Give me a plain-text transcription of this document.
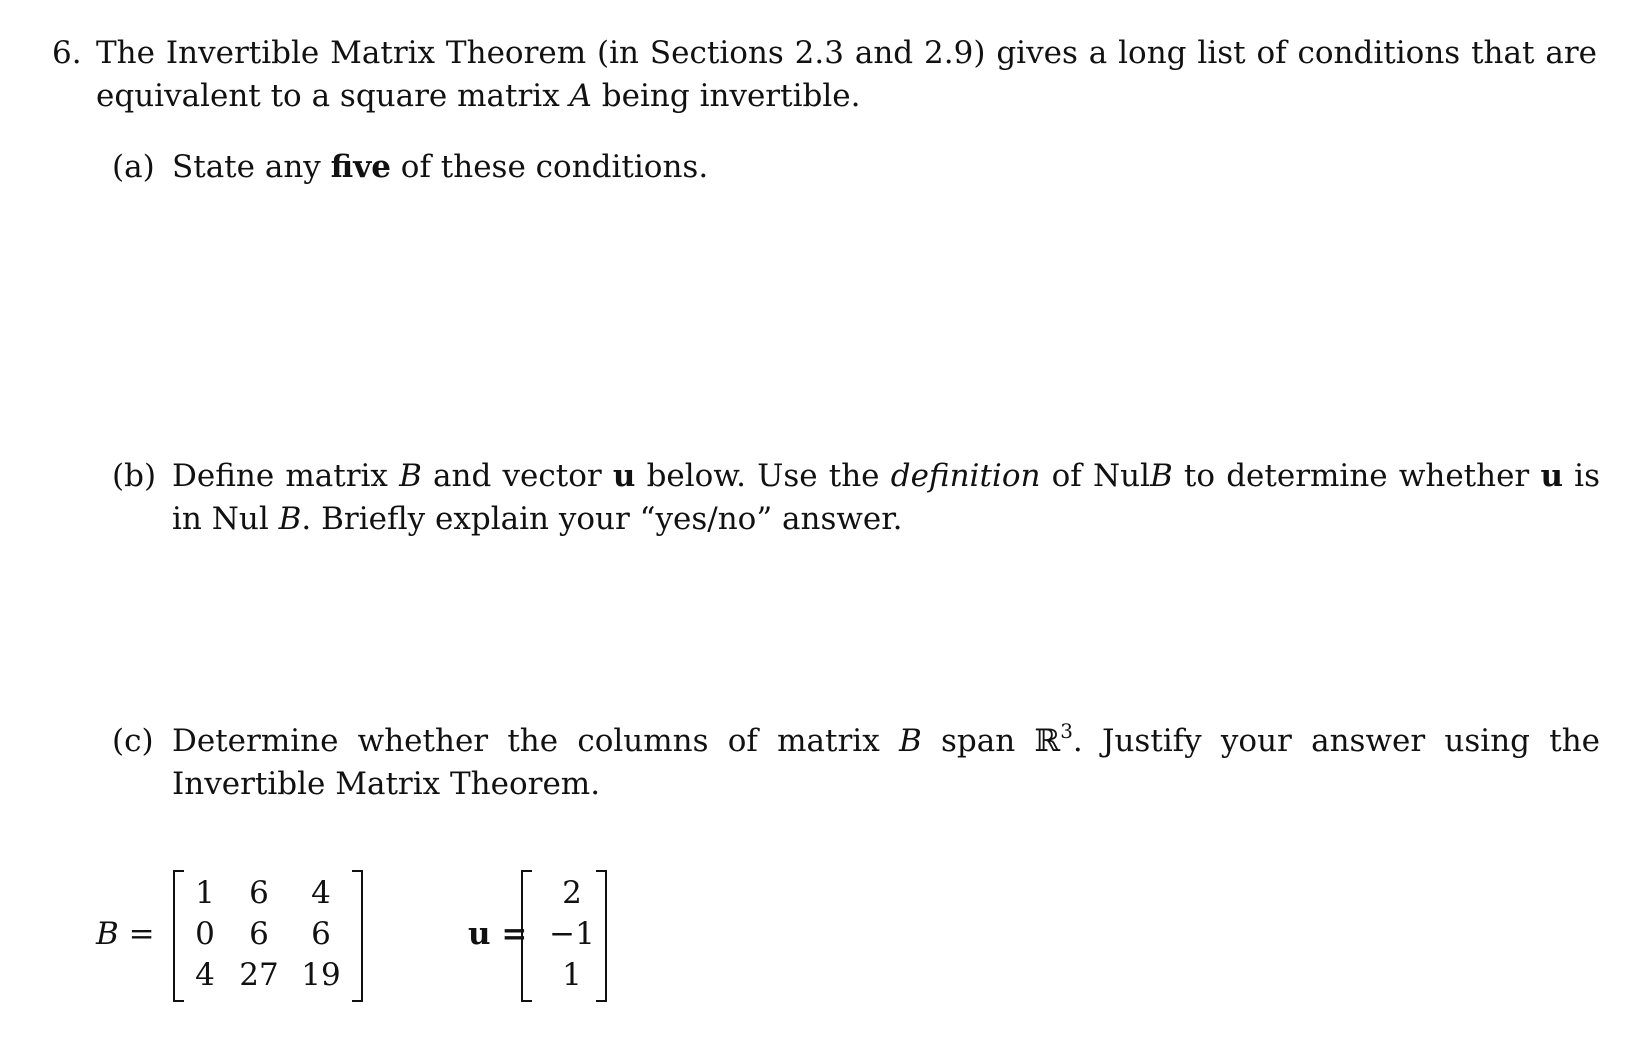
6. The Invertible Matrix Theorem (in Sections 2.3 and 2.9) gives a long list of conditions that are equivalent to a square matrix A being invertible.
(a) State any five of these conditions.
(b) Define matrix B and vector u below. Use the definition of NulB to determine whether u is in Nul B. Briefly explain your “yes/no” answer.
(c) Determine whether the columns of matrix B span ℝ$^3$. Justify your answer using the Invertible Matrix Theorem.
B =
1	6	4
0	6	6
4 27 19
u =
2
−1
1
